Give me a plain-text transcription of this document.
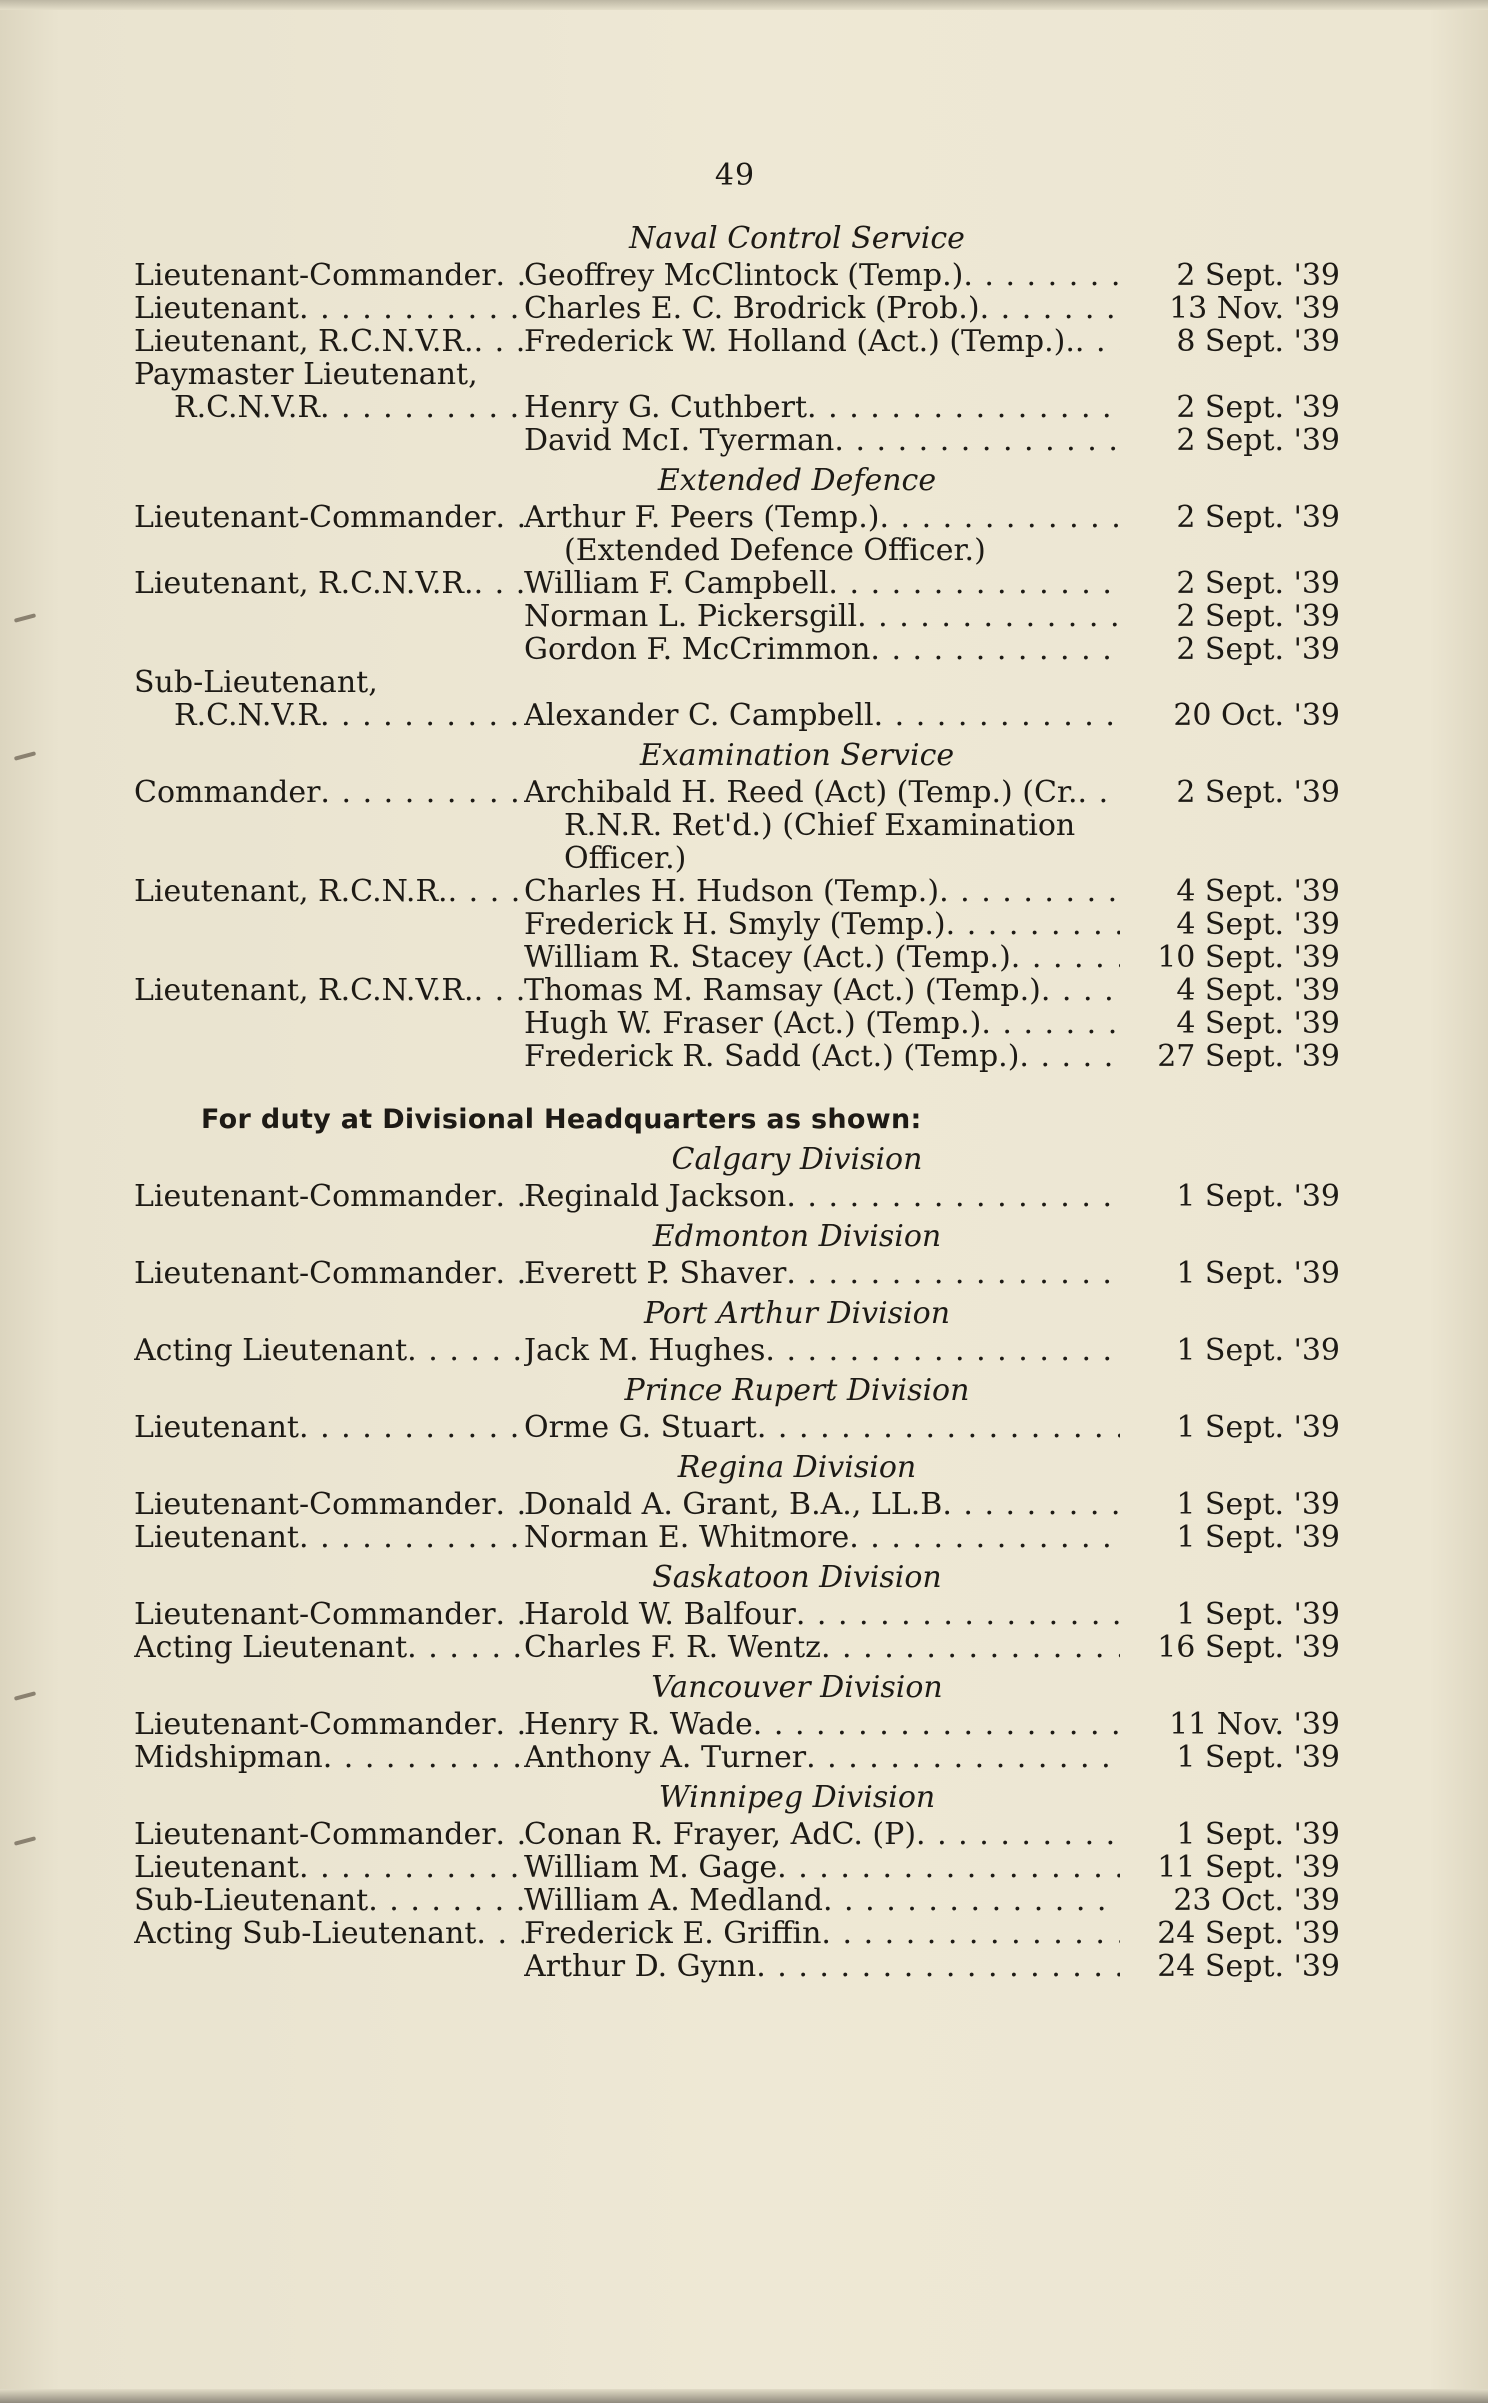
49
Naval Control Service
Lieutenant-Commander . . . Geoffrey McClintock (Temp.) . . .	2 Sept. '39
Lieutenant . . .	Charles E. C. Brodrick (Prob.) . . .	13 Nov. '39
Lieutenant, R.C.N.V.R. . . . Frederick W. Holland (Act.) (Temp.). . . .	8 Sept. '39
Paymaster Lieutenant,
R.C.N.V.R . . .	Henry G. Cuthbert . . .	2 Sept. '39
David McI. Tyerman . . .	2 Sept. '39
Extended Defence
Lieutenant-Commander . . . Arthur F. Peers (Temp.) . . .	2 Sept. '39
(Extended Defence Officer.)
Lieutenant, R.C.N.V.R. . . . William F. Campbell . . .	2 Sept. '39
Norman L. Pickersgill . . .	2 Sept. '39
Gordon F. McCrimmon . . .	2 Sept. '39
Sub-Lieutenant,
R.C.N.V.R . . .	Alexander C. Campbell . . .	20 Oct. '39
Examination Service
Commander . . .	Archibald H. Reed (Act) (Temp.) (Cr. . . .	2 Sept. '39
R.N.R. Ret'd.) (Chief Examination
Officer.)
Lieutenant, R.C.N.R. . . .	Charles H. Hudson (Temp.) . . .	4 Sept. '39
Frederick H. Smyly (Temp.) . . .	4 Sept. '39
William R. Stacey (Act.) (Temp.) . . .	10 Sept. '39
Lieutenant, R.C.N.V.R. . . . Thomas M. Ramsay (Act.) (Temp.) . . .	4 Sept. '39
Hugh W. Fraser (Act.) (Temp.) . . .	4 Sept. '39
Frederick R. Sadd (Act.) (Temp.) . . .	27 Sept. '39
For duty at Divisional Headquarters as shown:
Calgary Division
Lieutenant-Commander . . . Reginald Jackson . . .	1 Sept. '39
Edmonton Division
Lieutenant-Commander . . . Everett P. Shaver . . .	1 Sept. '39
Port Arthur Division
Acting Lieutenant . . .	Jack M. Hughes . . .	1 Sept. '39
Prince Rupert Division
Lieutenant . . .	Orme G. Stuart . . .	1 Sept. '39
Regina Division
Lieutenant-Commander . . . Donald A. Grant, B.A., LL.B . . .	1 Sept. '39
Lieutenant . . .	Norman E. Whitmore . . .	1 Sept. '39
Saskatoon Division
Lieutenant-Commander . . . Harold W. Balfour . . .	1 Sept. '39
Acting Lieutenant . . .	Charles F. R. Wentz . . .	16 Sept. '39
Vancouver Division
Lieutenant-Commander . . . Henry R. Wade . . .	11 Nov. '39
Midshipman . . .	Anthony A. Turner . . .	1 Sept. '39
Winnipeg Division
Lieutenant-Commander . . . Conan R. Frayer, AdC. (P) . . .	1 Sept. '39
Lieutenant . . .	William M. Gage . . .	11 Sept. '39
Sub-Lieutenant . . .	William A. Medland . . .	23 Oct. '39
Acting Sub-Lieutenant . . . Frederick E. Griffin . . .	24 Sept. '39
Arthur D. Gynn . . .	24 Sept. '39
